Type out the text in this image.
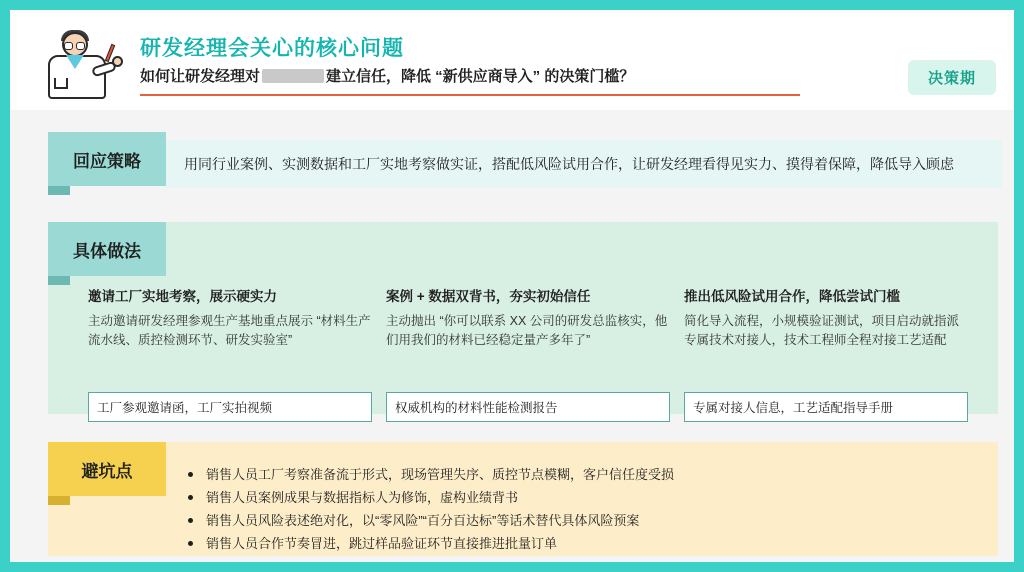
研发经理会关心的核心问题
如何让研发经理对	建立信任，降低 “新供应商导入” 的决策门槛？	决策期
回应策略	用同行业案例、实测数据和工厂实地考察做实证，搭配低风险试用合作，让研发经理看得见实力、摸得着保障，降低导入顾虑
具体做法
邀请工厂实地考察，展示硬实力
主动邀请研发经理参观生产基地重点展示 “材料生产流水线、质控检测环节、研发实验室”
工厂参观邀请函，工厂实拍视频
案例 + 数据双背书，夯实初始信任
主动抛出 “你可以联系 XX 公司的研发总监核实，他们用我们的材料已经稳定量产多年了”
权威机构的材料性能检测报告
推出低风险试用合作，降低尝试门槛
简化导入流程，小规模验证测试，项目启动就指派专属技术对接人，技术工程师全程对接工艺适配
专属对接人信息，工艺适配指导手册
避坑点	销售人员工厂考察准备流于形式，现场管理失序、质控节点模糊，客户信任度受损
销售人员案例成果与数据指标人为修饰，虚构业绩背书
销售人员风险表述绝对化，以“零风险”“百分百达标”等话术替代具体风险预案
销售人员合作节奏冒进，跳过样品验证环节直接推进批量订单
